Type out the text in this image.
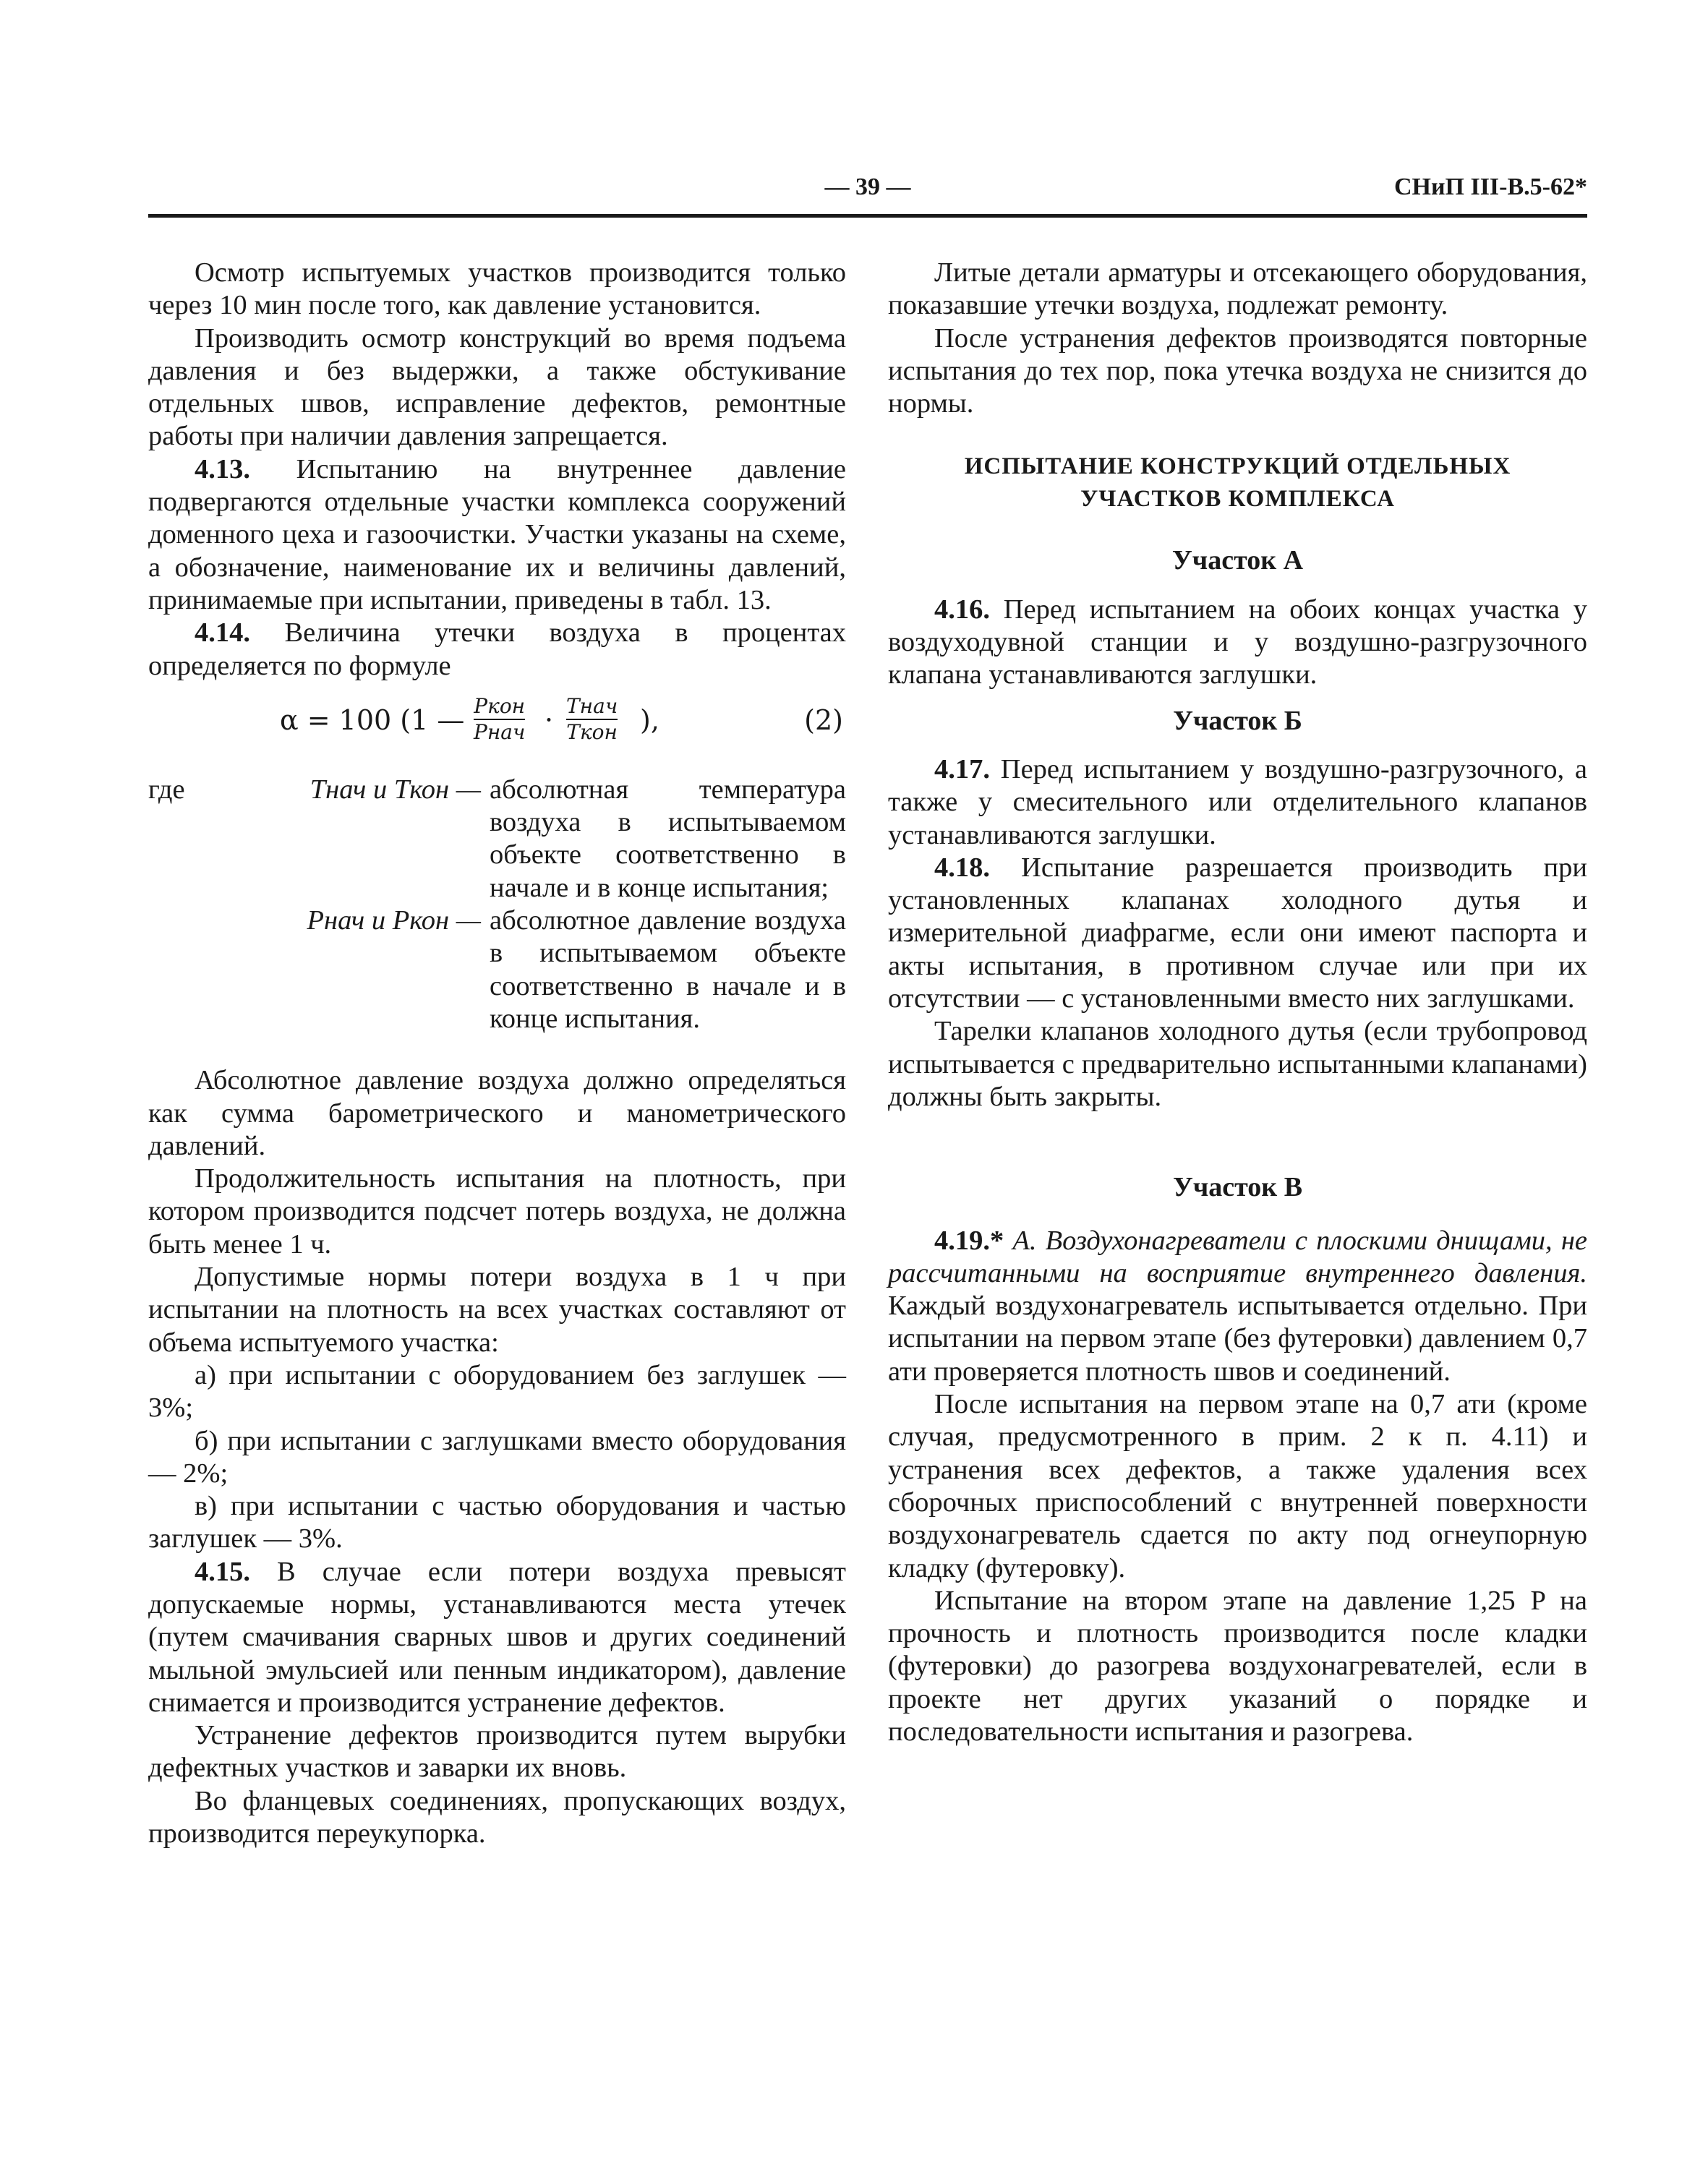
— 39 —	СНиП III-В.5-62*

Осмотр испытуемых участков производится только через 10 мин после того, как давление установится.

Производить осмотр конструкций во время подъема давления и без выдержки, а также обстукивание отдельных швов, исправление дефектов, ремонтные работы при наличии давления запрещается.

4.13. Испытанию на внутреннее давление подвергаются отдельные участки комплекса сооружений доменного цеха и газоочистки. Участки указаны на схеме, а обозначение, наименование их и величины давлений, принимаемые при испытании, приведены в табл. 13.

4.14. Величина утечки воздуха в процентах определяется по формуле

α = 100 (1 — Pкон
Pнач · Tнач
Tкон ),	(2)
где	Tнач и Tкон —	абсолютная температура воздуха в испытываемом объекте соответственно в начале и в конце испытания;
	Pнач и Pкон —	абсолютное давление воздуха в испытываемом объекте соответственно в начале и в конце испытания.

Абсолютное давление воздуха должно определяться как сумма барометрического и манометрического давлений.

Продолжительность испытания на плотность, при котором производится подсчет потерь воздуха, не должна быть менее 1 ч.

Допустимые нормы потери воздуха в 1 ч при испытании на плотность на всех участках составляют от объема испытуемого участка:

а) при испытании с оборудованием без заглушек — 3%;

б) при испытании с заглушками вместо оборудования — 2%;

в) при испытании с частью оборудования и частью заглушек — 3%.

4.15. В случае если потери воздуха превысят допускаемые нормы, устанавливаются места утечек (путем смачивания сварных швов и других соединений мыльной эмульсией или пенным индикатором), давление снимается и производится устранение дефектов.

Устранение дефектов производится путем вырубки дефектных участков и заварки их вновь.

Во фланцевых соединениях, пропускающих воздух, производится переукупорка.

Литые детали арматуры и отсекающего оборудования, показавшие утечки воздуха, подлежат ремонту.

После устранения дефектов производятся повторные испытания до тех пор, пока утечка воздуха не снизится до нормы.

ИСПЫТАНИЕ КОНСТРУКЦИЙ ОТДЕЛЬНЫХ
УЧАСТКОВ КОМПЛЕКСА
Участок А

4.16. Перед испытанием на обоих концах участка у воздуходувной станции и у воздушно-разгрузочного клапана устанавливаются заглушки.

Участок Б

4.17. Перед испытанием у воздушно-разгрузочного, а также у смесительного или отделительного клапанов устанавливаются заглушки.

4.18. Испытание разрешается производить при установленных клапанах холодного дутья и измерительной диафрагме, если они имеют паспорта и акты испытания, в противном случае или при их отсутствии — с установленными вместо них заглушками.

Тарелки клапанов холодного дутья (если трубопровод испытывается с предварительно испытанными клапанами) должны быть закрыты.

Участок В

4.19.* А. Воздухонагреватели с плоскими днищами, не рассчитанными на восприятие внутреннего давления. Каждый воздухонагреватель испытывается отдельно. При испытании на первом этапе (без футеровки) давлением 0,7 ати проверяется плотность швов и соединений.

После испытания на первом этапе на 0,7 ати (кроме случая, предусмотренного в прим. 2 к п. 4.11) и устранения всех дефектов, а также удаления всех сборочных приспособлений с внутренней поверхности воздухонагреватель сдается по акту под огнеупорную кладку (футеровку).

Испытание на втором этапе на давление 1,25 P на прочность и плотность производится после кладки (футеровки) до разогрева воздухонагревателей, если в проекте нет других указаний о порядке и последовательности испытания и разогрева.
